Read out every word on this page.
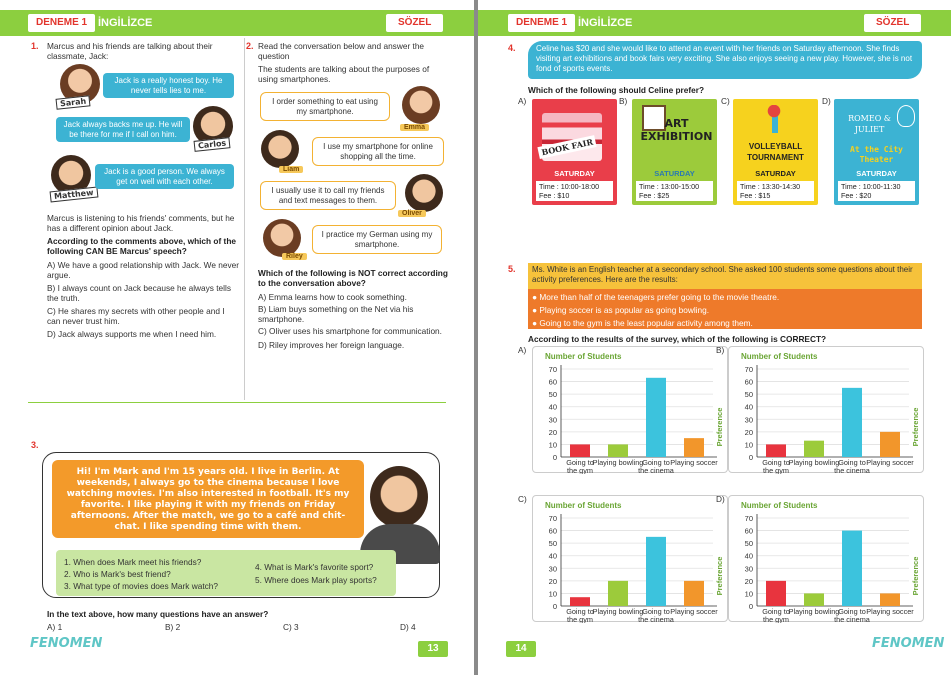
DENEME 1 İNGİLİZCE	SÖZEL
1. Marcus and his friends are talking about their classmate, Jack:
Sarah
Jack is a really honest boy. He never tells lies to me.
Carlos
Jack always backs me up. He will be there for me if I call on him.
Matthew
Jack is a good person. We always get on well with each other.
Marcus is listening to his friends' comments, but he has a different opinion about Jack.
According to the comments above, which of the following CAN BE Marcus' speech?
A) We have a good relationship with Jack. We never argue.
B) I always count on Jack because he always tells the truth.
C) He shares my secrets with other people and I can never trust him.
D) Jack always supports me when I need him.
2. Read the conversation below and answer the question
The students are talking about the purposes of using smartphones.
I order something to eat using my smartphone.
Emma
Liam
I use my smartphone for online shopping all the time.
I usually use it to call my friends and text messages to them.
Oliver
Riley
I practice my German using my smartphone.
Which of the following is NOT correct according to the conversation above?
A) Emma learns how to cook something.
B) Liam buys something on the Net via his smartphone.
C) Oliver uses his smartphone for communication.
D) Riley improves her foreign language.
3.
Hi! I'm Mark and I'm 15 years old. I live in Berlin. At weekends, I always go to the cinema because I love watching movies. I'm also interested in football. It's my favorite. I like playing it with my friends on Friday afternoons. After the match, we go to a café and chit-chat. I like spending time with them.
1. When does Mark meet his friends?
2. Who is Mark's best friend?
3. What type of movies does Mark watch?
4. What is Mark's favorite sport?
5. Where does Mark play sports?
In the text above, how many questions have an answer?
A) 1	B) 2	C) 3	D) 4
FENOMEN	13
DENEME 1 İNGİLİZCE	SÖZEL
4.	Celine has $20 and she would like to attend an event with her friends on Saturday afternoon. She finds visiting art exhibitions and book fairs very exciting. She also enjoys seeing a new play. However, she is not fond of sports events.
Which of the following should Celine prefer?
A)
BOOK FAIR
SATURDAY
Time : 10:00-18:00
Fee : $10
B)
ART EXHIBITION
SATURDAY
Time : 13:00-15:00
Fee : $25
C)
VOLLEYBALL TOURNAMENT
SATURDAY
Time : 13:30-14:30
Fee : $15
D)
ROMEO & JULIET
At the City Theater
SATURDAY
Time : 10:00-11:30
Fee : $20
5.	Ms. White is an English teacher at a secondary school. She asked 100 students some questions about their activity preferences. Here are the results:
● More than half of the teenagers prefer going to the movie theatre.
● Playing soccer is as popular as going bowling.
● Going to the gym is the least popular activity among them.
According to the results of the survey, which of the following is CORRECT?
A)
Number of Students
0
10
20
30
40
50
60
70
Going to
the gym
Playing bowling
Going to
the cinema
Playing soccer
Preference
B)
Number of Students
0
10
20
30
40
50
60
70
Going to
the gym
Playing bowling
Going to
the cinema
Playing soccer
Preference
C)
Number of Students
0
10
20
30
40
50
60
70
Going to
the gym
Playing bowling
Going to
the cinema
Playing soccer
Preference
D)
Number of Students
0
10
20
30
40
50
60
70
Going to
the gym
Playing bowling
Going to
the cinema
Playing soccer
Preference
14	FENOMEN
